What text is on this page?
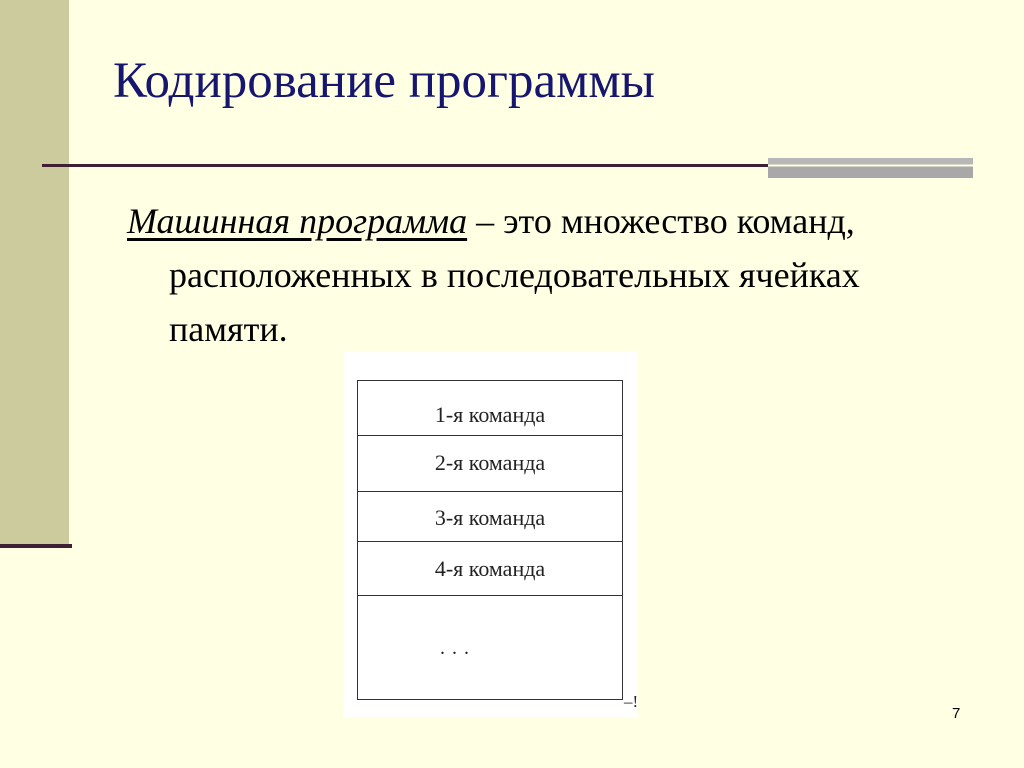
Кодирование программы

Машинная программа – это множество команд, расположенных в последовательных ячейках памяти.

1-я команда
2-я команда
3-я команда
4-я команда
...
–!
7
